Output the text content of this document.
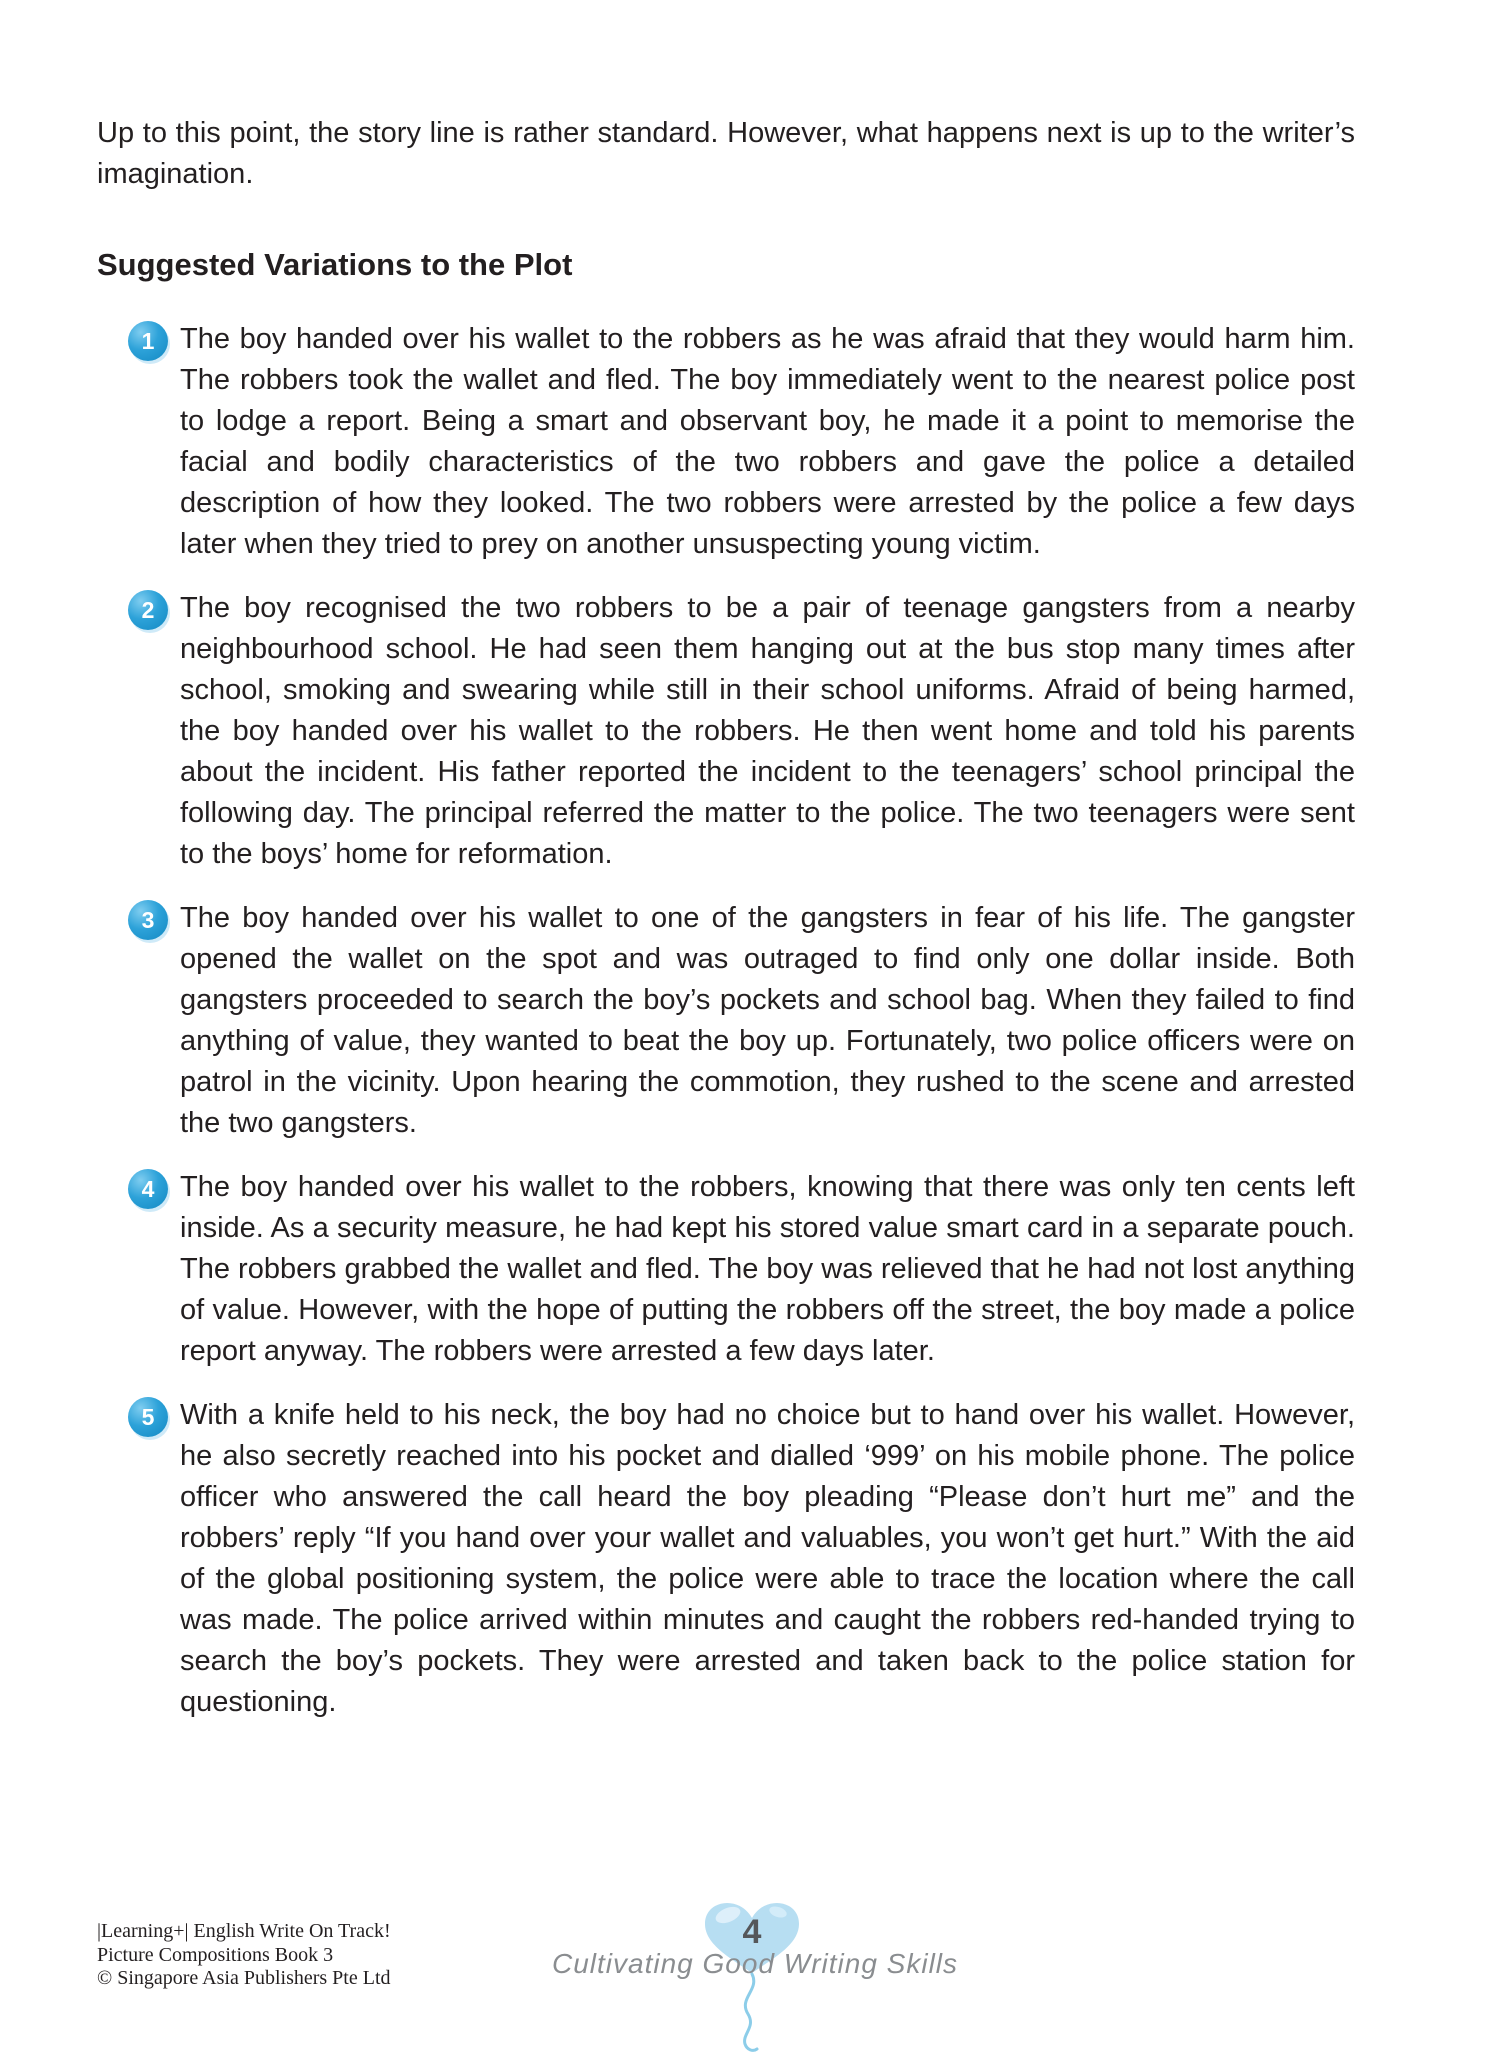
Up to this point, the story line is rather standard. However, what happens next is up to the writer’s imagination.

Suggested Variations to the Plot
1 The boy handed over his wallet to the robbers as he was afraid that they would harm him. The robbers took the wallet and fled. The boy immediately went to the nearest police post to lodge a report. Being a smart and observant boy, he made it a point to memorise the facial and bodily characteristics of the two robbers and gave the police a detailed description of how they looked. The two robbers were arrested by the police a few days later when they tried to prey on another unsuspecting young victim.

2 The boy recognised the two robbers to be a pair of teenage gangsters from a nearby neighbourhood school. He had seen them hanging out at the bus stop many times after school, smoking and swearing while still in their school uniforms. Afraid of being harmed, the boy handed over his wallet to the robbers. He then went home and told his parents about the incident. His father reported the incident to the teenagers’ school principal the following day. The principal referred the matter to the police. The two teenagers were sent to the boys’ home for reformation.

3 The boy handed over his wallet to one of the gangsters in fear of his life. The gangster opened the wallet on the spot and was outraged to find only one dollar inside. Both gangsters proceeded to search the boy’s pockets and school bag. When they failed to find anything of value, they wanted to beat the boy up. Fortunately, two police officers were on patrol in the vicinity. Upon hearing the commotion, they rushed to the scene and arrested the two gangsters.

4 The boy handed over his wallet to the robbers, knowing that there was only ten cents left inside. As a security measure, he had kept his stored value smart card in a separate pouch. The robbers grabbed the wallet and fled. The boy was relieved that he had not lost anything of value. However, with the hope of putting the robbers off the street, the boy made a police report anyway. The robbers were arrested a few days later.

5 With a knife held to his neck, the boy had no choice but to hand over his wallet. However, he also secretly reached into his pocket and dialled ‘999’ on his mobile phone. The police officer who answered the call heard the boy pleading “Please don’t hurt me” and the robbers’ reply “If you hand over your wallet and valuables, you won’t get hurt.” With the aid of the global positioning system, the police were able to trace the location where the call was made. The police arrived within minutes and caught the robbers red-handed trying to search the boy’s pockets. They were arrested and taken back to the police station for questioning.

|Learning+| English Write On Track!
Picture Compositions Book 3
© Singapore Asia Publishers Pte Ltd
4
Cultivating Good Writing Skills
